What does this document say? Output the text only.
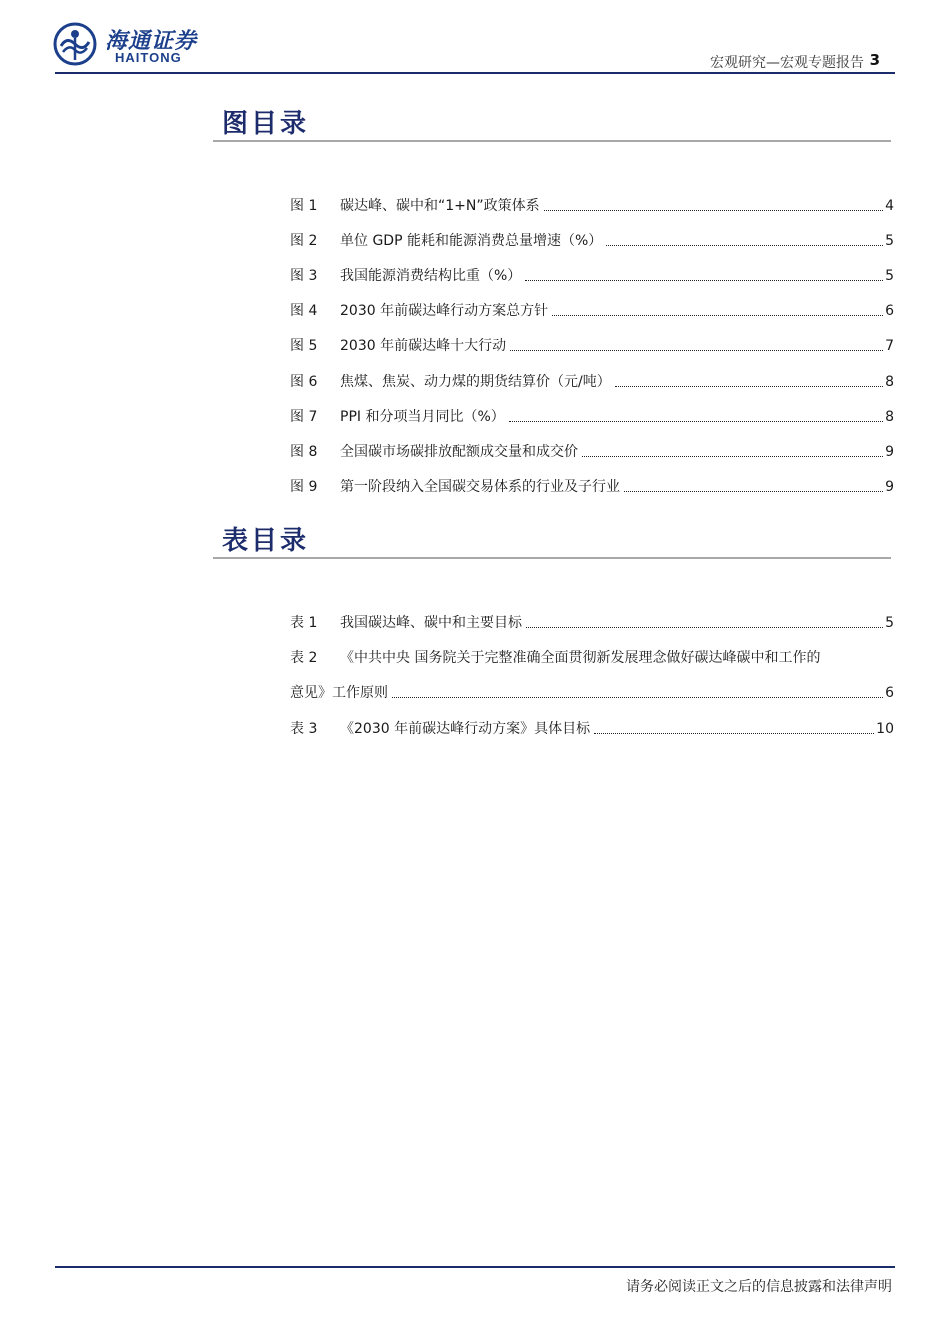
海通证券
HAITONG	宏观研究—宏观专题报告 3
图目录
图 1	碳达峰、碳中和“1+N”政策体系	4
图 2	单位 GDP 能耗和能源消费总量增速（%）	5
图 3	我国能源消费结构比重（%）	5
图 4	2030 年前碳达峰行动方案总方针	6
图 5	2030 年前碳达峰十大行动	7
图 6	焦煤、焦炭、动力煤的期货结算价（元/吨）	8
图 7	PPI 和分项当月同比（%）	8
图 8	全国碳市场碳排放配额成交量和成交价	9
图 9	第一阶段纳入全国碳交易体系的行业及子行业	9
表目录
表 1	我国碳达峰、碳中和主要目标	5
表 2	《中共中央 国务院关于完整准确全面贯彻新发展理念做好碳达峰碳中和工作的
意见》工作原则	6
表 3	《2030 年前碳达峰行动方案》具体目标	10
请务必阅读正文之后的信息披露和法律声明
